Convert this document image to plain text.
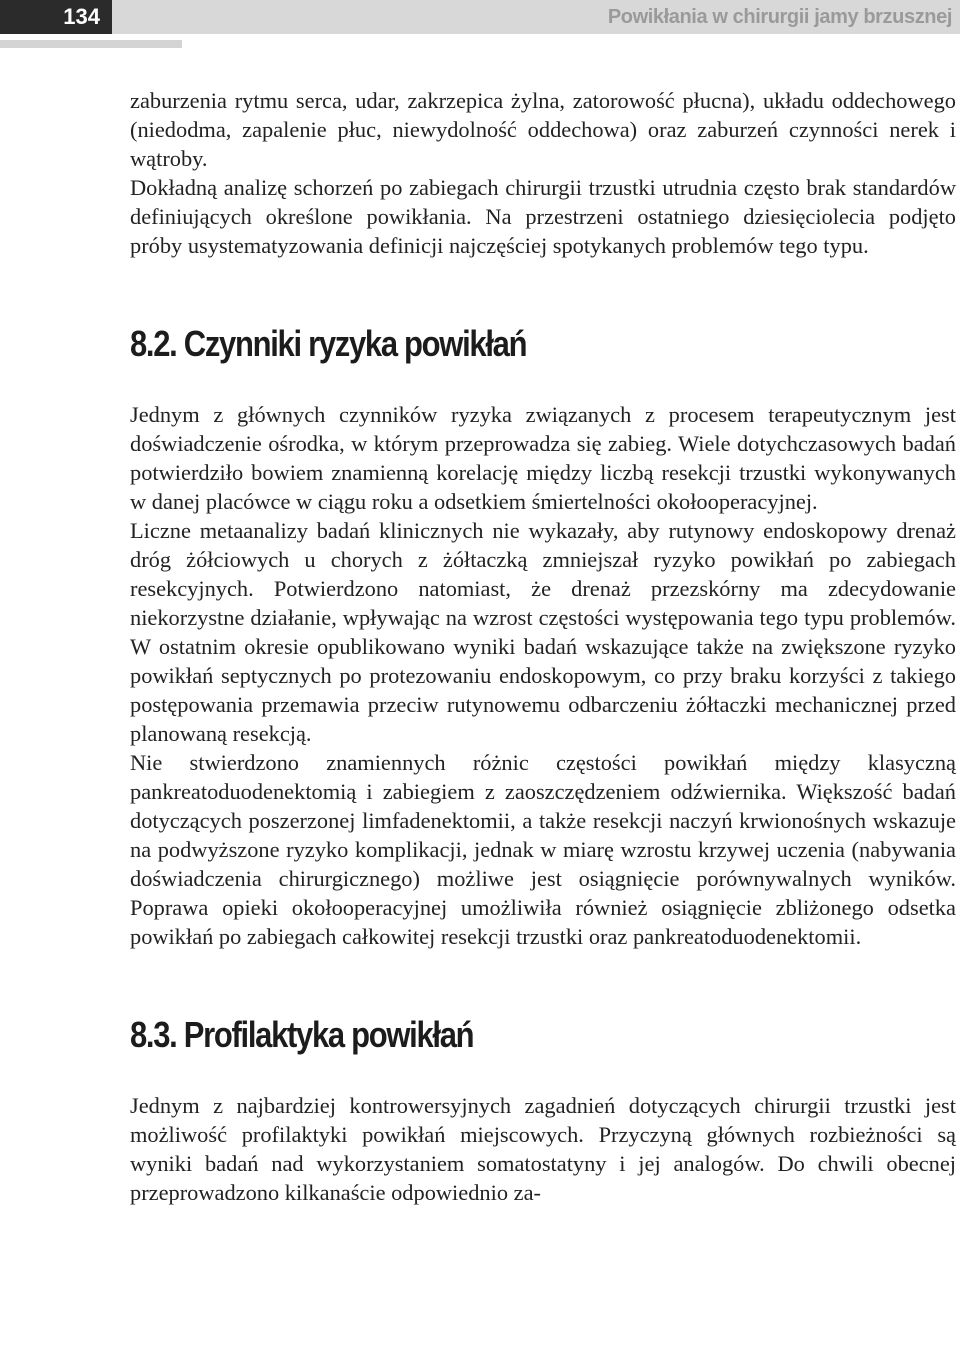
134	Powikłania w chirurgii jamy brzusznej

zaburzenia rytmu serca, udar, zakrzepica żylna, zatorowość płucna), układu oddechowego (niedodma, zapalenie płuc, niewydolność oddechowa) oraz zaburzeń czynności nerek i wątroby.

Dokładną analizę schorzeń po zabiegach chirurgii trzustki utrudnia często brak standardów definiujących określone powikłania. Na przestrzeni ostatniego dziesięciolecia podjęto próby usystematyzowania definicji najczęściej spotykanych problemów tego typu.

8.2. Czynniki ryzyka powikłań

Jednym z głównych czynników ryzyka związanych z procesem terapeutycznym jest doświadczenie ośrodka, w którym przeprowadza się zabieg. Wiele dotychczasowych badań potwierdziło bowiem znamienną korelację między liczbą resekcji trzustki wykonywanych w danej placówce w ciągu roku a odsetkiem śmiertelności okołooperacyjnej.

Liczne metaanalizy badań klinicznych nie wykazały, aby rutynowy endoskopowy drenaż dróg żółciowych u chorych z żółtaczką zmniejszał ryzyko powikłań po zabiegach resekcyjnych. Potwierdzono natomiast, że drenaż przezskórny ma zdecydowanie niekorzystne działanie, wpływając na wzrost częstości występowania tego typu problemów. W ostatnim okresie opublikowano wyniki badań wskazujące także na zwiększone ryzyko powikłań septycznych po protezowaniu endoskopowym, co przy braku korzyści z takiego postępowania przemawia przeciw rutynowemu odbarczeniu żółtaczki mechanicznej przed planowaną resekcją.

Nie stwierdzono znamiennych różnic częstości powikłań między klasyczną pankreatoduodenektomią i zabiegiem z zaoszczędzeniem odźwiernika. Większość badań dotyczących poszerzonej limfadenektomii, a także resekcji naczyń krwionośnych wskazuje na podwyższone ryzyko komplikacji, jednak w miarę wzrostu krzywej uczenia (nabywania doświadczenia chirurgicznego) możliwe jest osiągnięcie porównywalnych wyników. Poprawa opieki okołooperacyjnej umożliwiła również osiągnięcie zbliżonego odsetka powikłań po zabiegach całkowitej resekcji trzustki oraz pankreatoduodenektomii.

8.3. Profilaktyka powikłań

Jednym z najbardziej kontrowersyjnych zagadnień dotyczących chirurgii trzustki jest możliwość profilaktyki powikłań miejscowych. Przyczyną głównych rozbieżności są wyniki badań nad wykorzystaniem somatostatyny i jej analogów. Do chwili obecnej przeprowadzono kilkanaście odpowiednio za-
